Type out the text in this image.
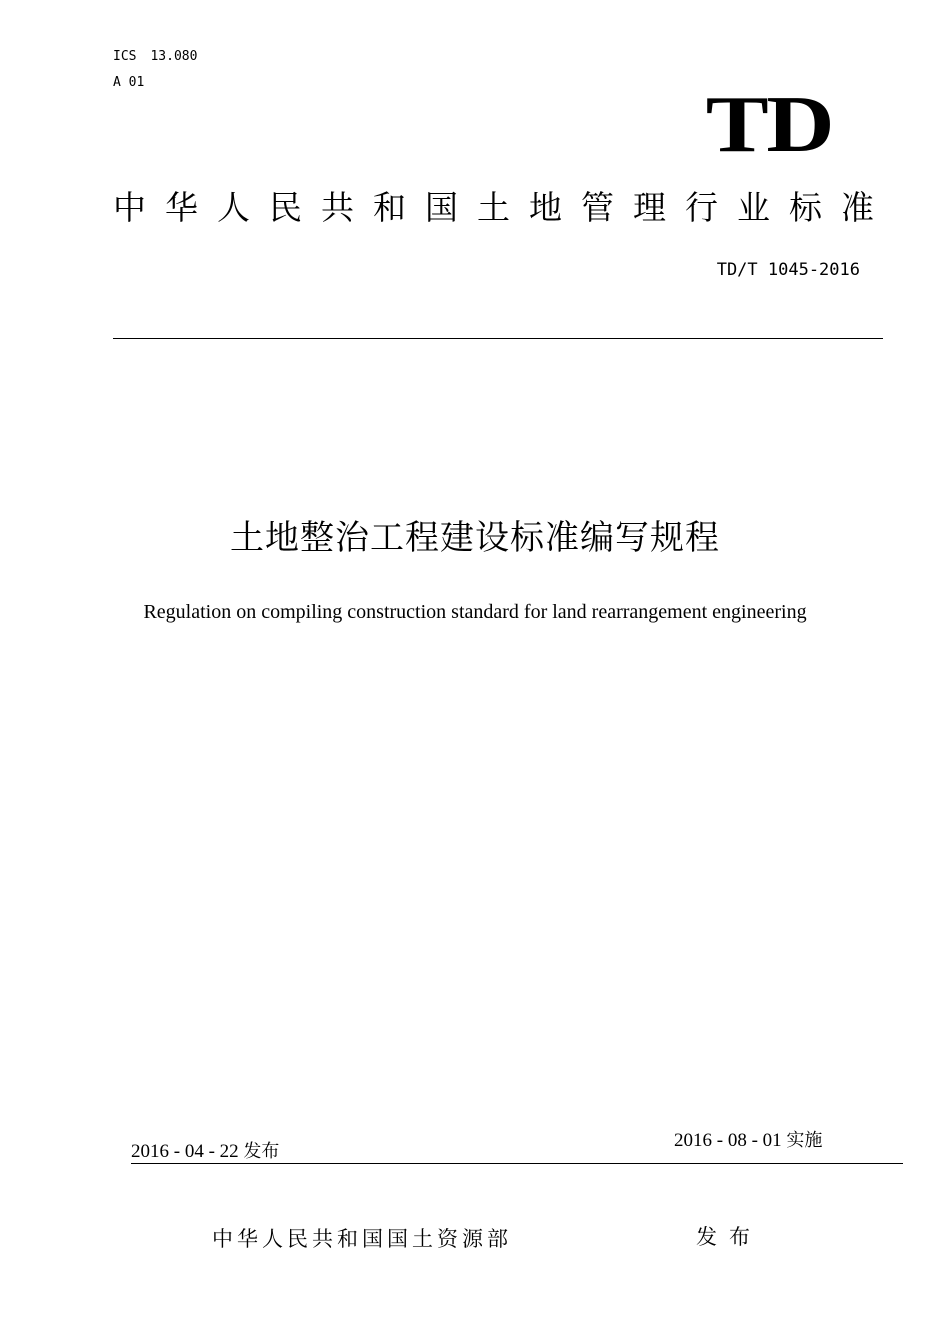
ICS 13.080
A 01	TD
中华人民共和国土地管理行业标准
TD/T 1045-2016
土地整治工程建设标准编写规程
Regulation on compiling construction standard for land rearrangement engineering
2016 - 04 - 22 发布
2016 - 08 - 01 实施
中华人民共和国国土资源部	发布
